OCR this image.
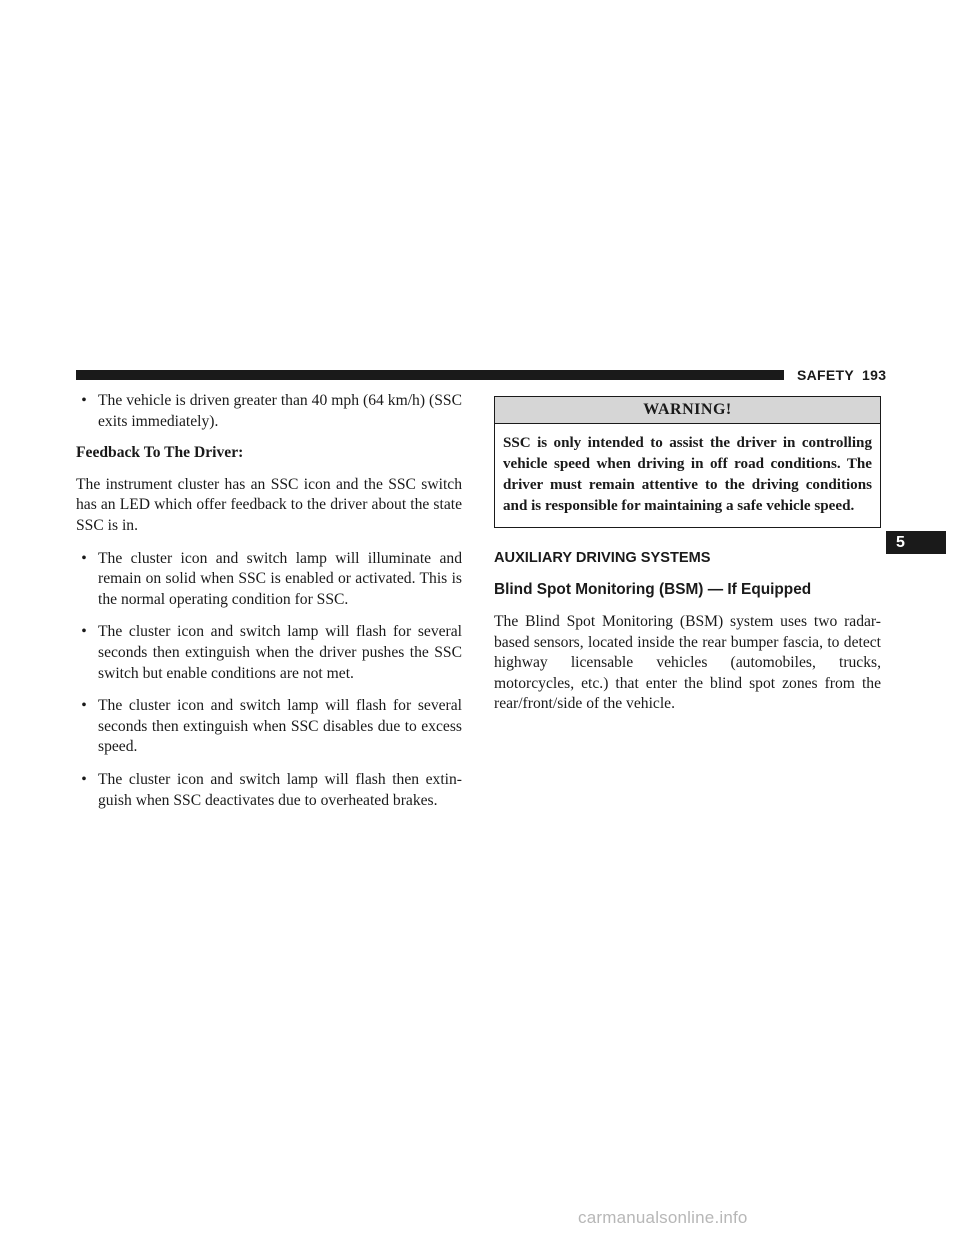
SAFETY 193
• The vehicle is driven greater than 40 mph (64 km/h) (SSC exits immediately).

Feedback To The Driver:

The instrument cluster has an SSC icon and the SSC switch has an LED which offer feedback to the driver about the state SSC is in.

• The cluster icon and switch lamp will illuminate and remain on solid when SSC is enabled or activated. This is the normal operating condition for SSC.
• The cluster icon and switch lamp will flash for several seconds then extinguish when the driver pushes the SSC switch but enable conditions are not met.
• The cluster icon and switch lamp will flash for several seconds then extinguish when SSC disables due to excess speed.
• The cluster icon and switch lamp will flash then extin-guish when SSC deactivates due to overheated brakes.
WARNING!
SSC is only intended to assist the driver in controlling vehicle speed when driving in off road conditions. The driver must remain attentive to the driving conditions and is responsible for maintaining a safe vehicle speed.
AUXILIARY DRIVING SYSTEMS
Blind Spot Monitoring (BSM) — If Equipped

The Blind Spot Monitoring (BSM) system uses two radar-based sensors, located inside the rear bumper fascia, to detect highway licensable vehicles (automobiles, trucks, motorcycles, etc.) that enter the blind spot zones from the rear/front/side of the vehicle.

5
carmanualsonline.info
